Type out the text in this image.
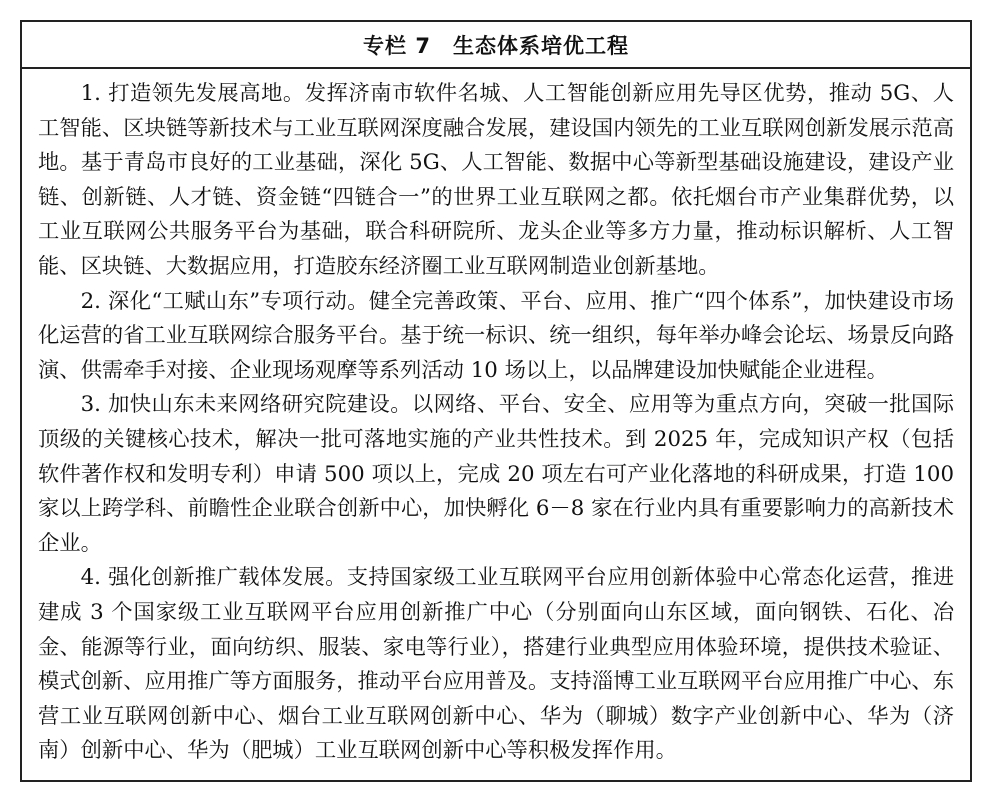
专栏 7 生态体系培优工程

1. 打造领先发展高地。发挥济南市软件名城、人工智能创新应用先导区优势，推动 5G、人工智能、区块链等新技术与工业互联网深度融合发展，建设国内领先的工业互联网创新发展示范高地。基于青岛市良好的工业基础，深化 5G、人工智能、数据中心等新型基础设施建设，建设产业链、创新链、人才链、资金链“四链合一”的世界工业互联网之都。依托烟台市产业集群优势，以工业互联网公共服务平台为基础，联合科研院所、龙头企业等多方力量，推动标识解析、人工智能、区块链、大数据应用，打造胶东经济圈工业互联网制造业创新基地。

2. 深化“工赋山东”专项行动。健全完善政策、平台、应用、推广“四个体系”，加快建设市场化运营的省工业互联网综合服务平台。基于统一标识、统一组织，每年举办峰会论坛、场景反向路演、供需牵手对接、企业现场观摩等系列活动 10 场以上，以品牌建设加快赋能企业进程。

3. 加快山东未来网络研究院建设。以网络、平台、安全、应用等为重点方向，突破一批国际顶级的关键核心技术，解决一批可落地实施的产业共性技术。到 2025 年，完成知识产权（包括软件著作权和发明专利）申请 500 项以上，完成 20 项左右可产业化落地的科研成果，打造 100 家以上跨学科、前瞻性企业联合创新中心，加快孵化 6－8 家在行业内具有重要影响力的高新技术企业。

4. 强化创新推广载体发展。支持国家级工业互联网平台应用创新体验中心常态化运营，推进建成 3 个国家级工业互联网平台应用创新推广中心（分别面向山东区域，面向钢铁、石化、冶金、能源等行业，面向纺织、服装、家电等行业），搭建行业典型应用体验环境，提供技术验证、模式创新、应用推广等方面服务，推动平台应用普及。支持淄博工业互联网平台应用推广中心、东营工业互联网创新中心、烟台工业互联网创新中心、华为（聊城）数字产业创新中心、华为（济南）创新中心、华为（肥城）工业互联网创新中心等积极发挥作用。
